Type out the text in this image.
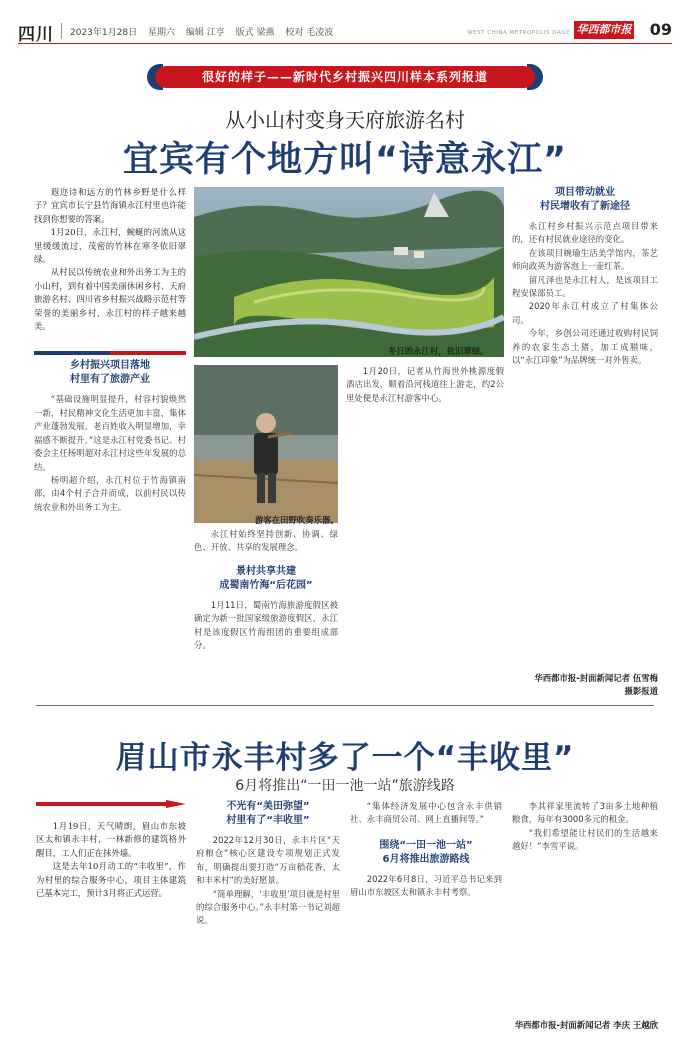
四川 2023年1月28日 星期六 编辑 江亨 版式 梁燕 校对 毛凌波	WEST CHINA METROPOLIS DAILY 华西都市报 09
很好的样子——新时代乡村振兴四川样本系列报道
从小山村变身天府旅游名村
宜宾有个地方叫“诗意永江”

遐迩诗和远方的竹林乡野是什么样子？宜宾市长宁县竹海镇永江村里也许能找到你想要的答案。

1月20日，永江村，蜿蜒的河流从这里缓缓流过，茂密的竹林在寒冬依旧翠绿。

从村民以传统农业和外出务工为主的小山村，到有着中国美丽休闲乡村、天府旅游名村、四川省乡村振兴战略示范村等荣誉的美丽乡村，永江村的样子越来越美。

乡村振兴项目落地
村里有了旅游产业

“基础设施明显提升，村容村貌焕然一新，村民精神文化生活更加丰富，集体产业蓬勃发展，老百姓收入明显增加，幸福感不断提升。”这是永江村党委书记、村委会主任杨明超对永江村这些年发展的总结。

杨明超介绍，永江村位于竹海镇南部，由4个村子合并而成，以前村民以传统农业和外出务工为主。

冬日的永江村，依旧翠绿。
游客在田野吹奏乐器。

永江村始终坚持创新、协调、绿色、开放、共享的发展理念。

景村共享共建
成蜀南竹海“后花园”

1月11日，蜀南竹海旅游度假区被确定为新一批国家级旅游度假区，永江村是该度假区竹海组团的重要组成部分。

1月20日，记者从竹海世外桃源度假酒店出发，顺着沿河栈道往上游走，约2公里处便是永江村游客中心。

项目带动就业
村民增收有了新途径

永江村乡村振兴示范点项目带来的，还有村民就业途径的变化。

在该项目婉瑜生活美学馆内，茶艺师向政英为游客泡上一壶红茶。

留凡泽也是永江村人，是该项目工程安保部员工。

2020年永江村成立了村集体公司。

今年，乡创公司还通过收购村民饲养的农家生态土猪，加工成腊味，以“永江印象”为品牌统一对外售卖。

华西都市报-封面新闻记者 伍雪梅
摄影报道
眉山市永丰村多了一个“丰收里”
6月将推出“一田一池一站”旅游线路

1月19日，天气晴朗，眉山市东坡区太和镇永丰村，一林新修的建筑格外醒目，工人们正在抹外墙。

这是去年10月动工的“丰收里”，作为村里的综合服务中心，项目主体建筑已基本完工，预计3月将正式运营。

不光有“美田弥望”
村里有了“丰收里”

2022年12月30日，永丰片区“天府粮仓”核心区建设专项规划正式发布，明确提出要打造“万亩稻花香，太和丰米村”的美好愿景。

“简单理解，‘丰收里’项目就是村里的综合服务中心。”永丰村第一书记刘超说。

“集体经济发展中心包含永丰供销社、永丰商贸公司、网上直播间等。”

围绕“一田一池一站”
6月将推出旅游路线

2022年6月8日，习近平总书记来到眉山市东坡区太和镇永丰村考察。

李其祥家里流转了3亩多土地种植粮食，每年有3000多元的租金。

“我们希望能让村民们的生活越来越好！”李雪平说。

华西都市报-封面新闻记者 李庆 王越欣
